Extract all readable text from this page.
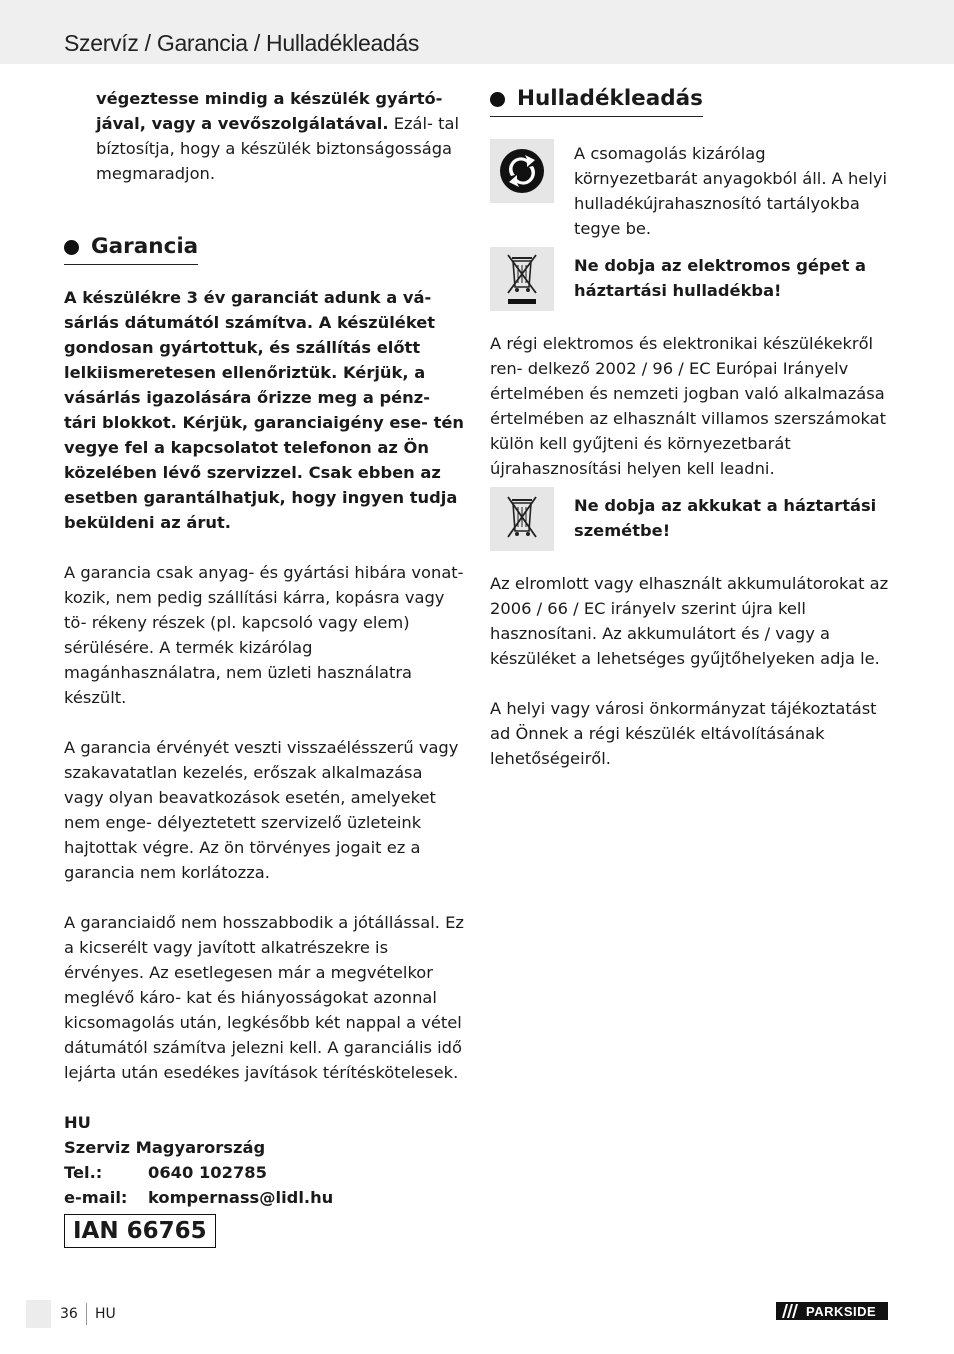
Szervíz / Garancia / Hulladékleadás

végeztesse mindig a készülék gyártó- jával, vagy a vevőszolgálatával. Ezál- tal bíztosítja, hogy a készülék biztonságossága megmaradjon.

Garancia

A készülékre 3 év garanciát adunk a vá- sárlás dátumától számítva. A készüléket gondosan gyártottuk, és szállítás előtt lelkiismeretesen ellenőriztük. Kérjük, a vásárlás igazolására őrizze meg a pénz- tári blokkot. Kérjük, garanciaigény ese- tén vegye fel a kapcsolatot telefonon az Ön közelében lévő szervizzel. Csak ebben az esetben garantálhatjuk, hogy ingyen tudja beküldeni az árut.

A garancia csak anyag- és gyártási hibára vonat- kozik, nem pedig szállítási kárra, kopásra vagy tö- rékeny részek (pl. kapcsoló vagy elem) sérülésére. A termék kizárólag magánhasználatra, nem üzleti használatra készült.

A garancia érvényét veszti visszaélésszerű vagy szakavatatlan kezelés, erőszak alkalmazása vagy olyan beavatkozások esetén, amelyeket nem enge- délyeztetett szervizelő üzleteink hajtottak végre. Az ön törvényes jogait ez a garancia nem korlátozza.

A garanciaidő nem hosszabbodik a jótállással. Ez a kicserélt vagy javított alkatrészekre is érvényes. Az esetlegesen már a megvételkor meglévő káro- kat és hiányosságokat azonnal kicsomagolás után, legkésőbb két nappal a vétel dátumától számítva jelezni kell. A garanciális idő lejárta után esedékes javítások térítéskötelesek.

HU
Szerviz Magyarország
Tel.:	0640 102785
e-mail:	kompernass@lidl.hu
IAN 66765
Hulladékleadás

A csomagolás kizárólag környezetbarát anyagokból áll. A helyi hulladékújrahasznosító tartályokba tegye be.

Ne dobja az elektromos gépet a háztartási hulladékba!

A régi elektromos és elektronikai készülékekről ren- delkező 2002 / 96 / EC Európai Irányelv értelmében és nemzeti jogban való alkalmazása értelmében az elhasznált villamos szerszámokat külön kell gyűjteni és környezetbarát újrahasznosítási helyen kell leadni.

Ne dobja az akkukat a háztartási szemétbe!

Az elromlott vagy elhasznált akkumulátorokat az 2006 / 66 / EC irányelv szerint újra kell hasznosítani. Az akkumulátort és / vagy a készüléket a lehetséges gyűjtőhelyeken adja le.

A helyi vagy városi önkormányzat tájékoztatást ad Önnek a régi készülék eltávolításának lehetőségeiről.

36 HU	PARKSIDE
